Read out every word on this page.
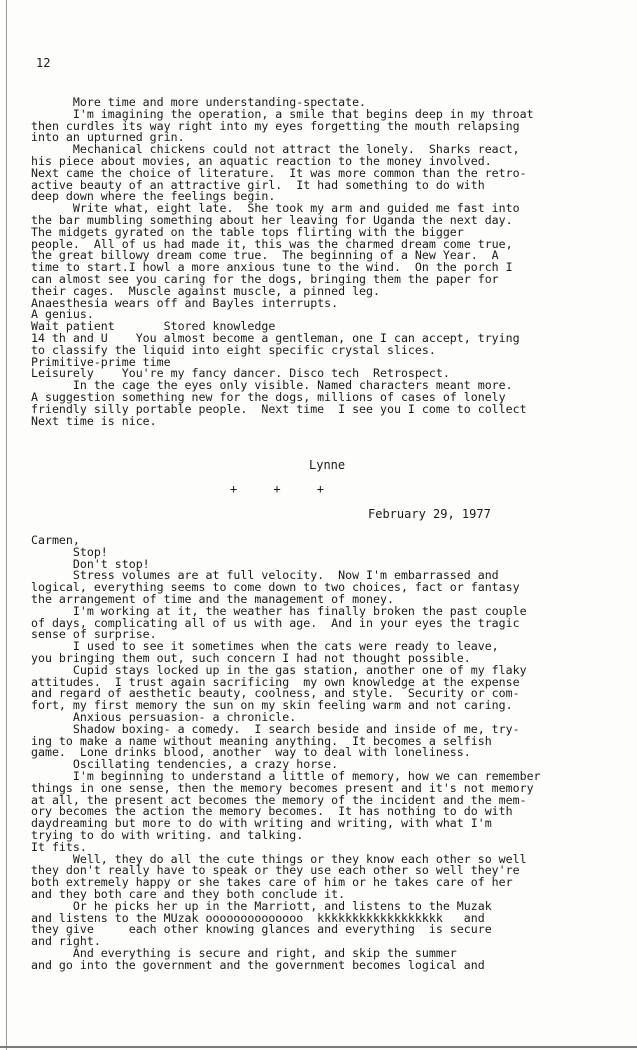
12
More time and more understanding-spectate.
I'm imagining the operation, a smile that begins deep in my throat
then curdles its way right into my eyes forgetting the mouth relapsing
into an upturned grin.
Mechanical chickens could not attract the lonely.  Sharks react,
his piece about movies, an aquatic reaction to the money involved.
Next came the choice of literature.  It was more common than the retro-
active beauty of an attractive girl.  It had something to do with
deep down where the feelings begin.
Write what, eight late.  She took my arm and guided me fast into
the bar mumbling something about her leaving for Uganda the next day.
The midgets gyrated on the table tops flirting with the bigger
people.  All of us had made it, this was the charmed dream come true,
the great billowy dream come true.  The beginning of a New Year.  A
time to start.I howl a more anxious tune to the wind.  On the porch I
can almost see you caring for the dogs, bringing them the paper for
their cages.  Muscle against muscle, a pinned leg.
Anaesthesia wears off and Bayles interrupts.
A genius.
Wait patient       Stored knowledge
14 th and U    You almost become a gentleman, one I can accept, trying
to classify the liquid into eight specific crystal slices.
Primitive-prime time
Leisurely    You're my fancy dancer. Disco tech  Retrospect.
In the cage the eyes only visible. Named characters meant more.
A suggestion something new for the dogs, millions of cases of lonely
friendly silly portable people.  Next time  I see you I come to collect
Next time is nice.
Lynne
+     +     +
February 29, 1977
Carmen,
Stop!
Don't stop!
Stress volumes are at full velocity.  Now I'm embarrassed and
logical, everything seems to come down to two choices, fact or fantasy
the arrangement of time and the management of money.
I'm working at it, the weather has finally broken the past couple
of days, complicating all of us with age.  And in your eyes the tragic
sense of surprise.
I used to see it sometimes when the cats were ready to leave,
you bringing them out, such concern I had not thought possible.
Cupid stays locked up in the gas station, another one of my flaky
attitudes.  I trust again sacrificing  my own knowledge at the expense
and regard of aesthetic beauty, coolness, and style.  Security or com-
fort, my first memory the sun on my skin feeling warm and not caring.
Anxious persuasion- a chronicle.
Shadow boxing- a comedy.  I search beside and inside of me, try-
ing to make a name without meaning anything.  It becomes a selfish
game.  Lone drinks blood, another  way to deal with loneliness.
Oscillating tendencies, a crazy horse.
I'm beginning to understand a little of memory, how we can remember
things in one sense, then the memory becomes present and it's not memory
at all, the present act becomes the memory of the incident and the mem-
ory becomes the action the memory becomes.  It has nothing to do with
daydreaming but more to do with writing and writing, with what I'm
trying to do with writing. and talking.
It fits.
Well, they do all the cute things or they know each other so well
they don't really have to speak or they use each other so well they're
both extremely happy or she takes care of him or he takes care of her
and they both care and they both conclude it.
Or he picks her up in the Marriott, and listens to the Muzak
and listens to the MUzak oooooooooooooo  kkkkkkkkkkkkkkkkkk   and
they give     each other knowing glances and everything  is secure
and right.
And everything is secure and right, and skip the summer
and go into the government and the government becomes logical and
